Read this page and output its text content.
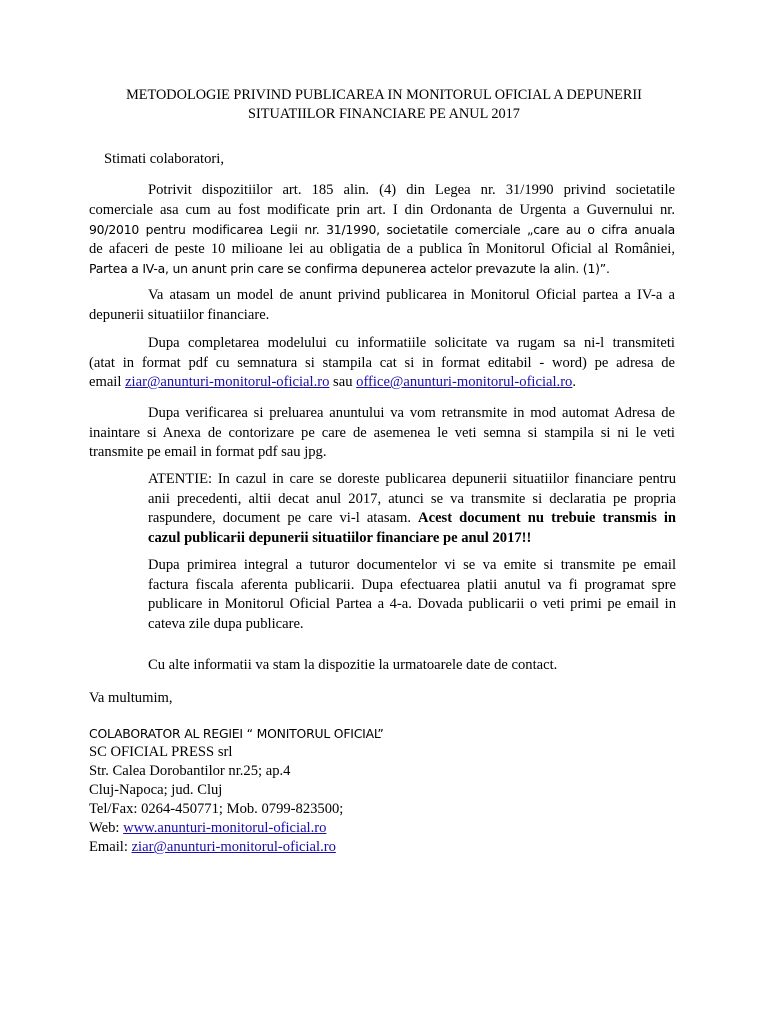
METODOLOGIE PRIVIND PUBLICAREA IN MONITORUL OFICIAL A DEPUNERII
SITUATIILOR FINANCIARE PE ANUL 2017
Stimati colaboratori,
Potrivit dispozitiilor art. 185 alin. (4) din Legea nr. 31/1990 privind societatile
comerciale asa cum au fost modificate prin art. I din Ordonanta de Urgenta a Guvernului nr.
90/2010 pentru modificarea Legii nr. 31/1990, societatile comerciale „care au o cifra anuala
de afaceri de peste 10 milioane lei au obligatia de a publica în Monitorul Oficial al României,
Partea a IV-a, un anunt prin care se confirma depunerea actelor prevazute la alin. (1)”.
Va atasam un model de anunt privind publicarea in Monitorul Oficial partea a IV-a a
depunerii situatiilor financiare.
Dupa completarea modelului cu informatiile solicitate va rugam sa ni-l transmiteti
(atat in format pdf cu semnatura si stampila cat si in format editabil - word) pe adresa de
email ziar@anunturi-monitorul-oficial.ro sau office@anunturi-monitorul-oficial.ro.
Dupa verificarea si preluarea anuntului va vom retransmite in mod automat Adresa de
inaintare si Anexa de contorizare pe care de asemenea le veti semna si stampila si ni le veti
transmite pe email in format pdf sau jpg.
ATENTIE: In cazul in care se doreste publicarea depunerii situatiilor financiare pentru
anii precedenti, altii decat anul 2017, atunci se va transmite si declaratia pe propria
raspundere, document pe care vi-l atasam. Acest document nu trebuie transmis in
cazul publicarii depunerii situatiilor financiare pe anul 2017!!
Dupa primirea integral a tuturor documentelor vi se va emite si transmite pe email
factura fiscala aferenta publicarii. Dupa efectuarea platii anutul va fi programat spre
publicare in Monitorul Oficial Partea a 4-a. Dovada publicarii o veti primi pe email in
cateva zile dupa publicare.
Cu alte informatii va stam la dispozitie la urmatoarele date de contact.
Va multumim,
COLABORATOR AL REGIEI “ MONITORUL OFICIAL”
SC OFICIAL PRESS srl
Str. Calea Dorobantilor nr.25; ap.4
Cluj-Napoca; jud. Cluj
Tel/Fax: 0264-450771; Mob. 0799-823500;
Web: www.anunturi-monitorul-oficial.ro
Email: ziar@anunturi-monitorul-oficial.ro
